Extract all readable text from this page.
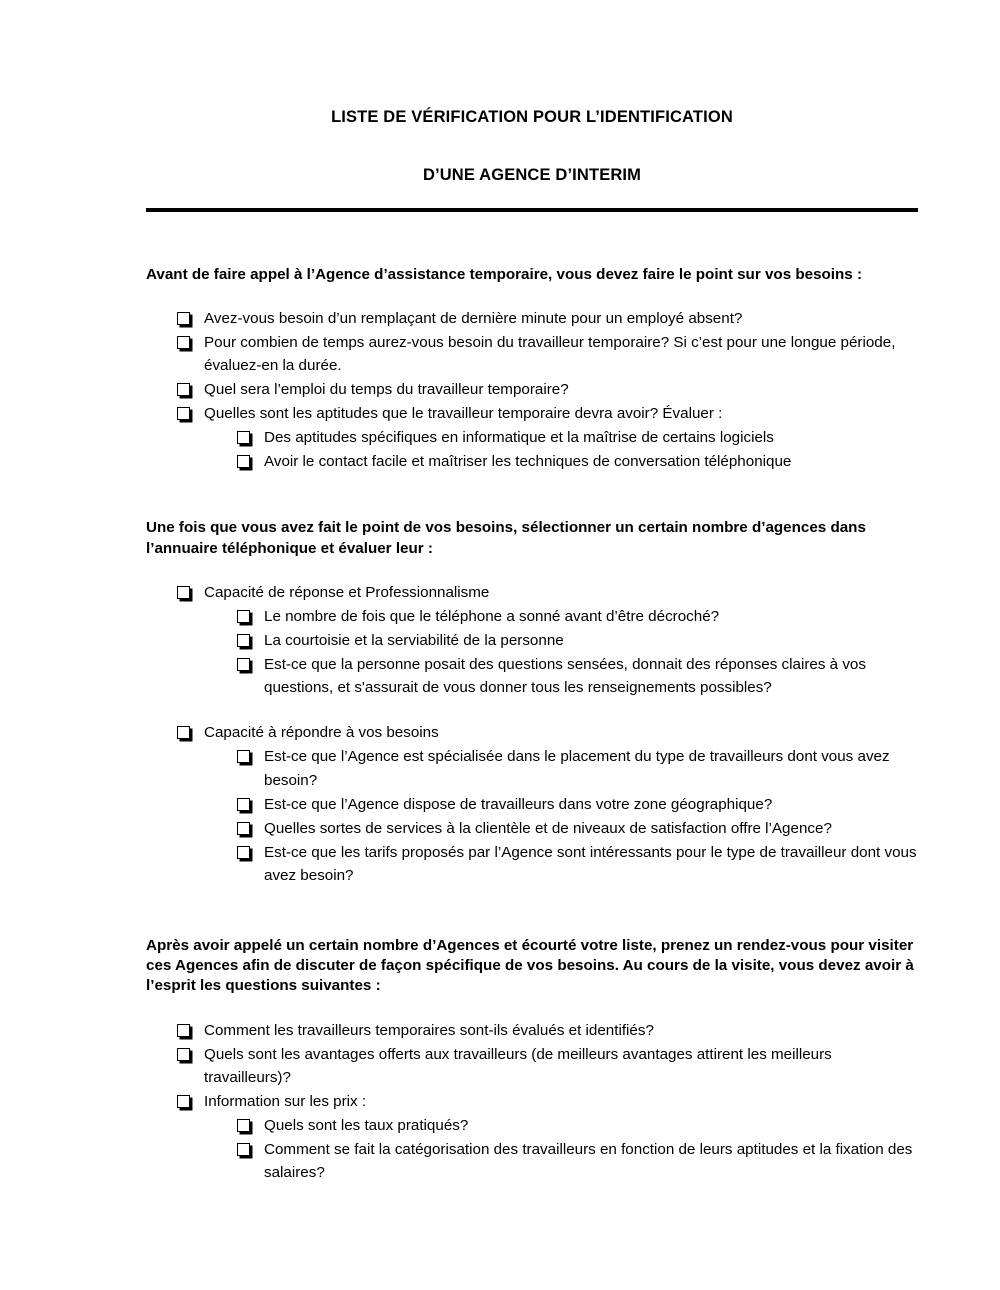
LISTE DE VÉRIFICATION POUR L’IDENTIFICATION
D’UNE AGENCE D’INTERIM

Avant de faire appel à l’Agence d’assistance temporaire, vous devez faire le point sur vos besoins :

Avez-vous besoin d’un remplaçant de dernière minute pour un employé absent?
Pour combien de temps aurez-vous besoin du travailleur temporaire? Si c’est pour une longue période, évaluez-en la durée.
Quel sera l’emploi du temps du travailleur temporaire?
Quelles sont les aptitudes que le travailleur temporaire devra avoir? Évaluer :
Des aptitudes spécifiques en informatique et la maîtrise de certains logiciels
Avoir le contact facile et maîtriser les techniques de conversation téléphonique

Une fois que vous avez fait le point de vos besoins, sélectionner un certain nombre d’agences dans l’annuaire téléphonique et évaluer leur :

Capacité de réponse et Professionnalisme
Le nombre de fois que le téléphone a sonné avant d’être décroché?
La courtoisie et la serviabilité de la personne
Est-ce que la personne posait des questions sensées, donnait des réponses claires à vos questions, et s'assurait de vous donner tous les renseignements possibles?
Capacité à répondre à vos besoins
Est-ce que l’Agence est spécialisée dans le placement du type de travailleurs dont vous avez besoin?
Est-ce que l’Agence dispose de travailleurs dans votre zone géographique?
Quelles sortes de services à la clientèle et de niveaux de satisfaction offre l’Agence?
Est-ce que les tarifs proposés par l’Agence sont intéressants pour le type de travailleur dont vous avez besoin?

Après avoir appelé un certain nombre d’Agences et écourté votre liste, prenez un rendez-vous pour visiter ces Agences afin de discuter de façon spécifique de vos besoins. Au cours de la visite, vous devez avoir à l’esprit les questions suivantes :

Comment les travailleurs temporaires sont-ils évalués et identifiés?
Quels sont les avantages offerts aux travailleurs (de meilleurs avantages attirent les meilleurs travailleurs)?
Information sur les prix :
Quels sont les taux pratiqués?
Comment se fait la catégorisation des travailleurs en fonction de leurs aptitudes et la fixation des salaires?
